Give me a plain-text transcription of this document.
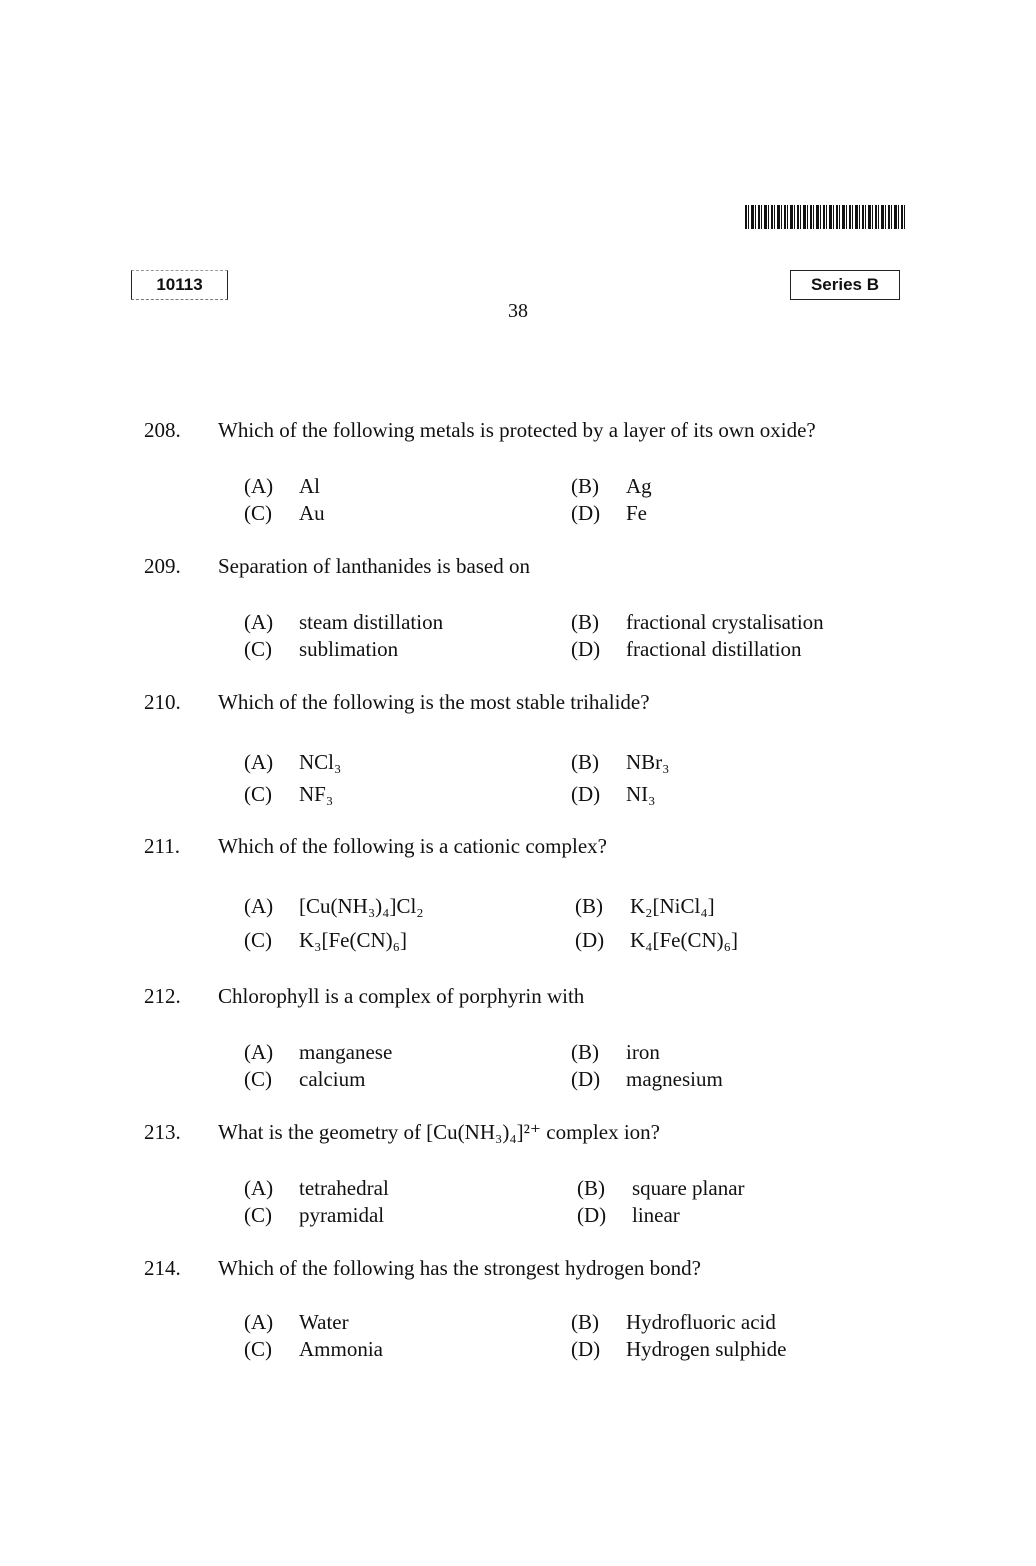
10113	Series B
38
208. Which of the following metals is protected by a layer of its own oxide?
(A) Al	(B) Ag
(C) Au	(D) Fe
209. Separation of lanthanides is based on
(A) steam distillation	(B) fractional crystalisation
(C) sublimation	(D) fractional distillation
210. Which of the following is the most stable trihalide?
(A) NCl₃	(B) NBr₃
(C) NF₃	(D) NI₃
211. Which of the following is a cationic complex?
(A) [Cu(NH₃)₄]Cl₂	(B) K₂[NiCl₄]
(C) K₃[Fe(CN)₆]	(D) K₄[Fe(CN)₆]
212. Chlorophyll is a complex of porphyrin with
(A) manganese	(B) iron
(C) calcium	(D) magnesium
213. What is the geometry of [Cu(NH₃)₄]²⁺ complex ion?
(A) tetrahedral	(B) square planar
(C) pyramidal	(D) linear
214. Which of the following has the strongest hydrogen bond?
(A) Water	(B) Hydrofluoric acid
(C) Ammonia	(D) Hydrogen sulphide
